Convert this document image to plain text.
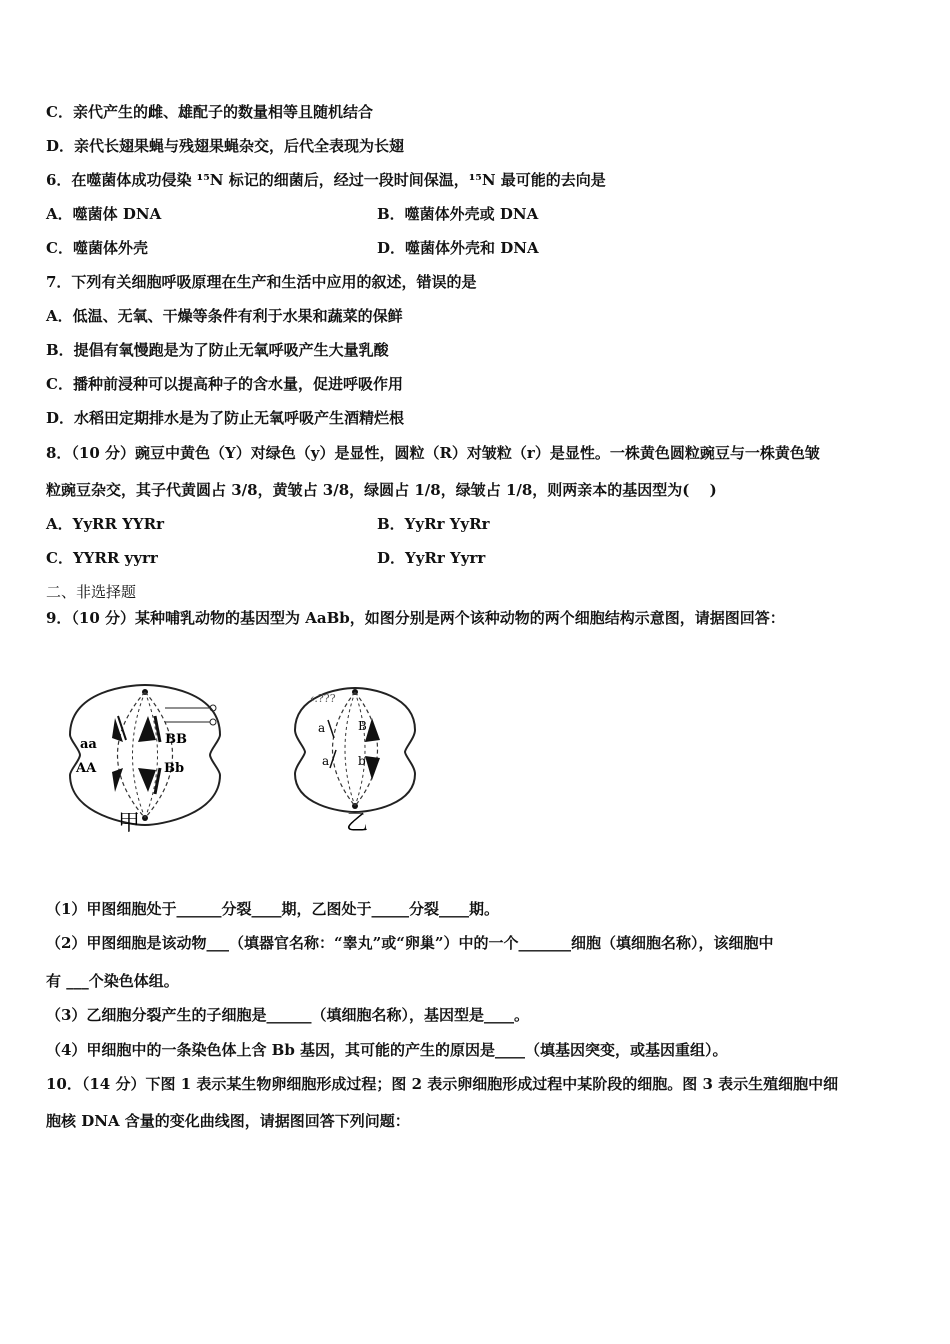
C．亲代产生的雌、雄配子的数量相等且随机结合
D．亲代长翅果蝇与残翅果蝇杂交，后代全表现为长翅
6．在噬菌体成功侵染 ¹⁵N 标记的细菌后，经过一段时间保温，¹⁵N 最可能的去向是
A．噬菌体 DNA	B．噬菌体外壳或 DNA
C．噬菌体外壳	D．噬菌体外壳和 DNA
7．下列有关细胞呼吸原理在生产和生活中应用的叙述，错误的是
A．低温、无氧、干燥等条件有利于水果和蔬菜的保鲜
B．提倡有氧慢跑是为了防止无氧呼吸产生大量乳酸
C．播种前浸种可以提高种子的含水量，促进呼吸作用
D．水稻田定期排水是为了防止无氧呼吸产生酒精烂根
8．（10 分）豌豆中黄色（Y）对绿色（y）是显性，圆粒（R）对皱粒（r）是显性。一株黄色圆粒豌豆与一株黄色皱
粒豌豆杂交，其子代黄圆占 3/8，黄皱占 3/8，绿圆占 1/8，绿皱占 1/8，则两亲本的基因型为(　 )
A．YyRR YYRr	B．YyRr YyRr
C．YYRR yyrr	D．YyRr Yyrr
二、非选择题
9．（10 分）某种哺乳动物的基因型为 AaBb，如图分别是两个该种动物的两个细胞结构示意图，请据图回答：
aa	BB
AA	Bb
甲
‹.???
a	B
a b
乙
（1）甲图细胞处于______分裂____期，乙图处于_____分裂____期。
（2）甲图细胞是该动物___（填器官名称：“睾丸”或“卵巢”）中的一个_______细胞（填细胞名称），该细胞中
有 ___个染色体组。
（3）乙细胞分裂产生的子细胞是______（填细胞名称），基因型是____。
（4）甲细胞中的一条染色体上含 Bb 基因，其可能的产生的原因是____（填基因突变，或基因重组）。
10．（14 分）下图 1 表示某生物卵细胞形成过程；图 2 表示卵细胞形成过程中某阶段的细胞。图 3 表示生殖细胞中细
胞核 DNA 含量的变化曲线图，请据图回答下列问题：
